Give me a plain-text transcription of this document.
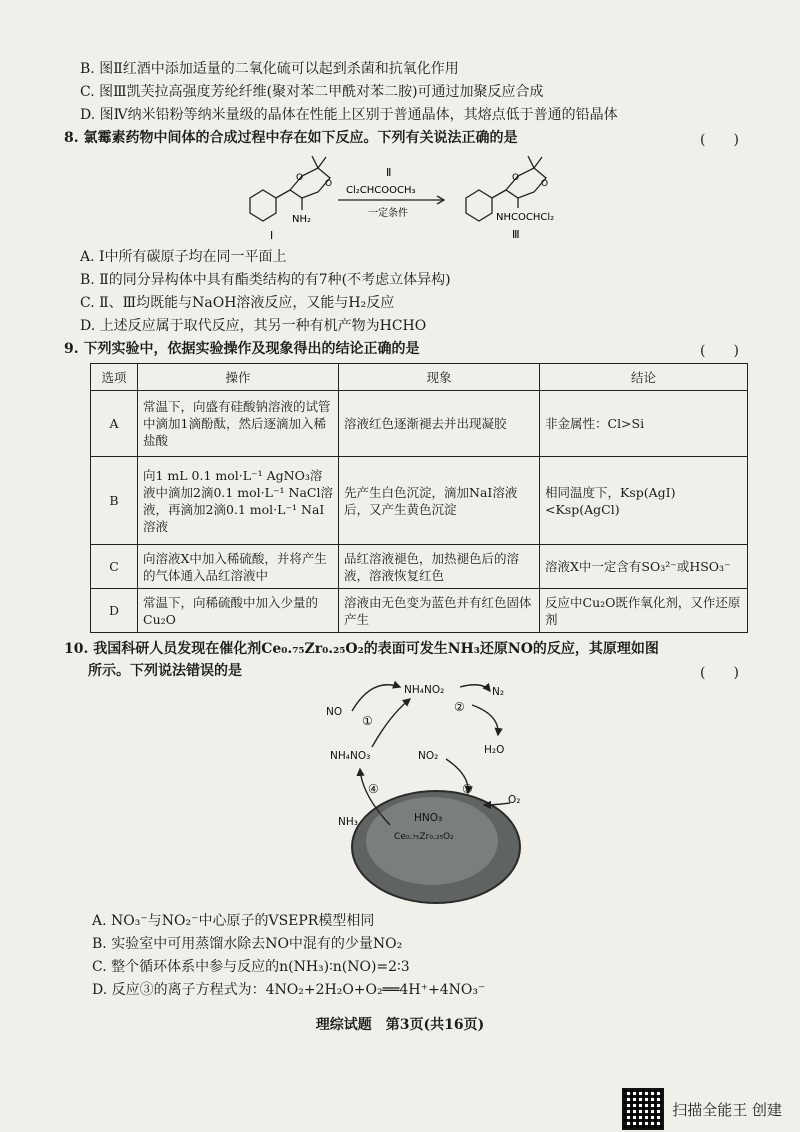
B. 图Ⅱ红酒中添加适量的二氧化硫可以起到杀菌和抗氧化作用
C. 图Ⅲ凯芙拉高强度芳纶纤维(聚对苯二甲酰对苯二胺)可通过加聚反应合成
D. 图Ⅳ纳米铅粉等纳米量级的晶体在性能上区别于普通晶体，其熔点低于普通的铅晶体
8. 氯霉素药物中间体的合成过程中存在如下反应。下列有关说法正确的是	(　　)
O
O
O
O
NH₂
Ⅰ
Ⅱ
Cl₂CHCOOCH₃
一定条件	NHCOCHCl₂
Ⅲ
A. Ⅰ中所有碳原子均在同一平面上
B. Ⅱ的同分异构体中具有酯类结构的有7种(不考虑立体异构)
C. Ⅱ、Ⅲ均既能与NaOH溶液反应，又能与H₂反应
D. 上述反应属于取代反应，其另一种有机产物为HCHO
9. 下列实验中，依据实验操作及现象得出的结论正确的是	(　　)
选项	操作	现象	结论
A	常温下，向盛有硅酸钠溶液的试管中滴加1滴酚酞，然后逐滴加入稀盐酸	溶液红色逐渐褪去并出现凝胶	非金属性：Cl>Si
B	向1 mL 0.1 mol·L⁻¹ AgNO₃溶液中滴加2滴0.1 mol·L⁻¹ NaCl溶液，再滴加2滴0.1 mol·L⁻¹ NaI溶液	先产生白色沉淀，滴加NaI溶液后，又产生黄色沉淀	相同温度下，Ksp(AgI)<Ksp(AgCl)
C	向溶液X中加入稀硫酸，并将产生的气体通入品红溶液中	品红溶液褪色，加热褪色后的溶液，溶液恢复红色	溶液X中一定含有SO₃²⁻或HSO₃⁻
D	常温下，向稀硫酸中加入少量的Cu₂O	溶液由无色变为蓝色并有红色固体产生	反应中Cu₂O既作氧化剂，又作还原剂
10. 我国科研人员发现在催化剂Ce₀.₇₅Zr₀.₂₅O₂的表面可发生NH₃还原NO的反应，其原理如图
所示。下列说法错误的是	(　　)
NO
NH₄NO₂	N₂
NH₄NO₃	NO₂	H₂O
O₂
NH₃	HNO₃
Ce₀.₇₅Zr₀.₂₅O₂
①
②
③
④
A. NO₃⁻与NO₂⁻中心原子的VSEPR模型相同
B. 实验室中可用蒸馏水除去NO中混有的少量NO₂
C. 整个循环体系中参与反应的n(NH₃)∶n(NO)=2∶3
D. 反应③的离子方程式为：4NO₂+2H₂O+O₂══4H⁺+4NO₃⁻
理综试题　第3页(共16页)
扫描全能王 创建
